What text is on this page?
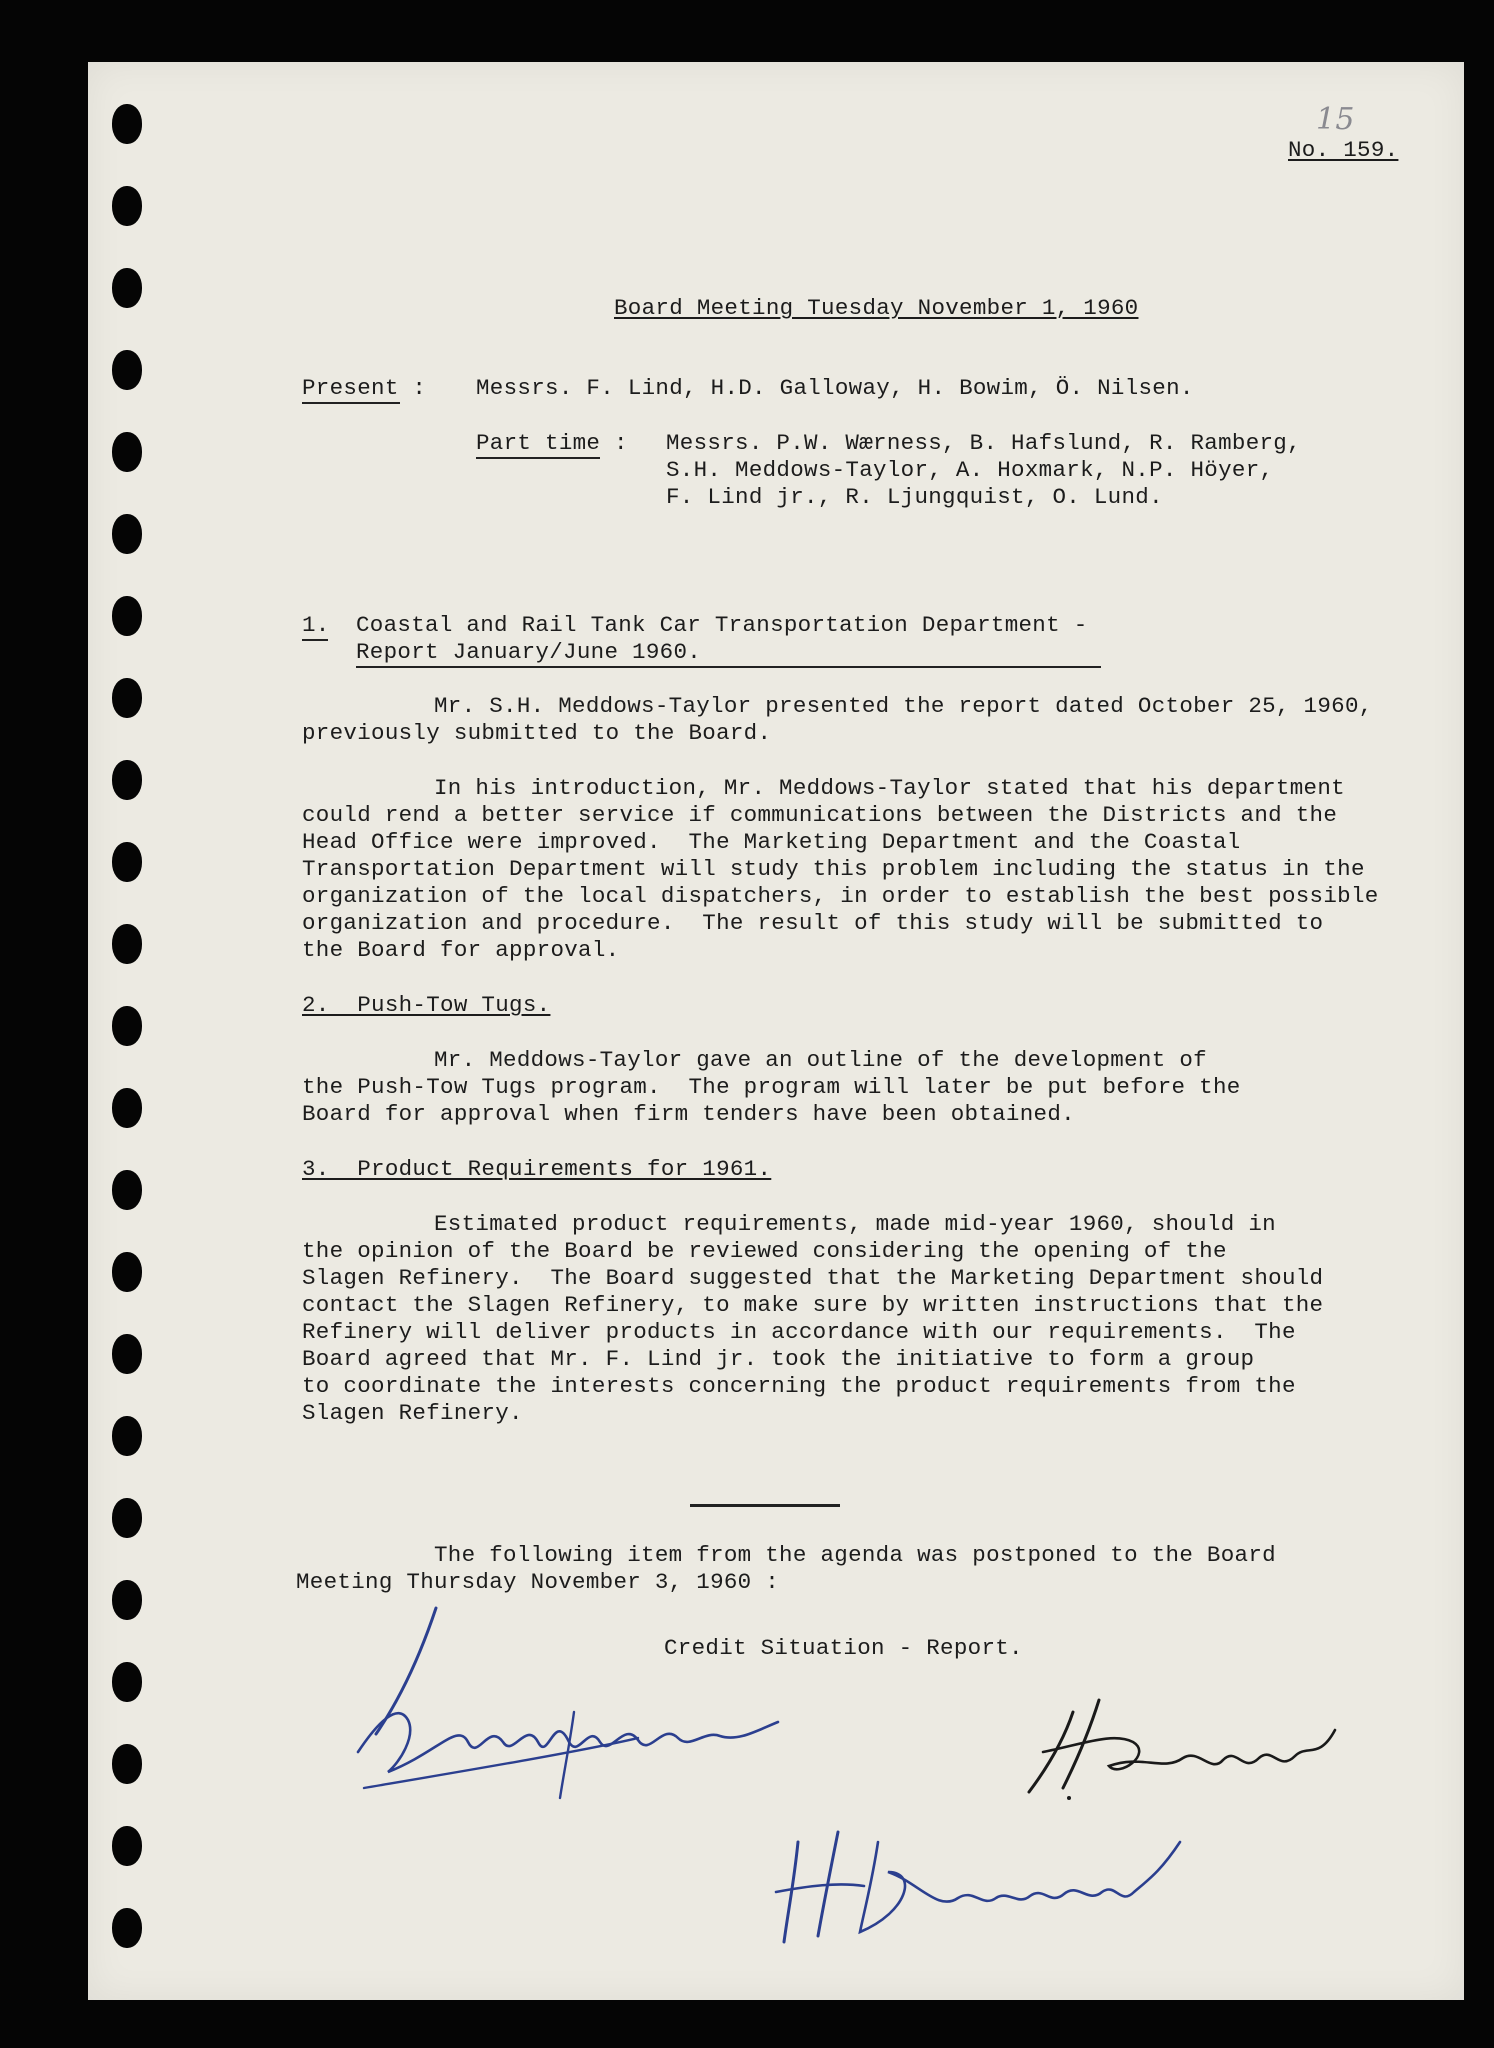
15
No. 159.
Board Meeting Tuesday November 1, 1960
Present : Messrs. F. Lind, H.D. Galloway, H. Bowim, Ö. Nilsen.
Part time : Messrs. P.W. Wærness, B. Hafslund, R. Ramberg,
S.H. Meddows-Taylor, A. Hoxmark, N.P. Höyer,
F. Lind jr., R. Ljungquist, O. Lund.
1. Coastal and Rail Tank Car Transportation Department -
Report January/June 1960.
Mr. S.H. Meddows-Taylor presented the report dated October 25, 1960,
previously submitted to the Board.
In his introduction, Mr. Meddows-Taylor stated that his department
could rend a better service if communications between the Districts and the
Head Office were improved.  The Marketing Department and the Coastal
Transportation Department will study this problem including the status in the
organization of the local dispatchers, in order to establish the best possible
organization and procedure.  The result of this study will be submitted to
the Board for approval.
2.  Push-Tow Tugs.
Mr. Meddows-Taylor gave an outline of the development of
the Push-Tow Tugs program.  The program will later be put before the
Board for approval when firm tenders have been obtained.
3.  Product Requirements for 1961.
Estimated product requirements, made mid-year 1960, should in
the opinion of the Board be reviewed considering the opening of the
Slagen Refinery.  The Board suggested that the Marketing Department should
contact the Slagen Refinery, to make sure by written instructions that the
Refinery will deliver products in accordance with our requirements.  The
Board agreed that Mr. F. Lind jr. took the initiative to form a group
to coordinate the interests concerning the product requirements from the
Slagen Refinery.
The following item from the agenda was postponed to the Board
Meeting Thursday November 3, 1960 :
Credit Situation - Report.
